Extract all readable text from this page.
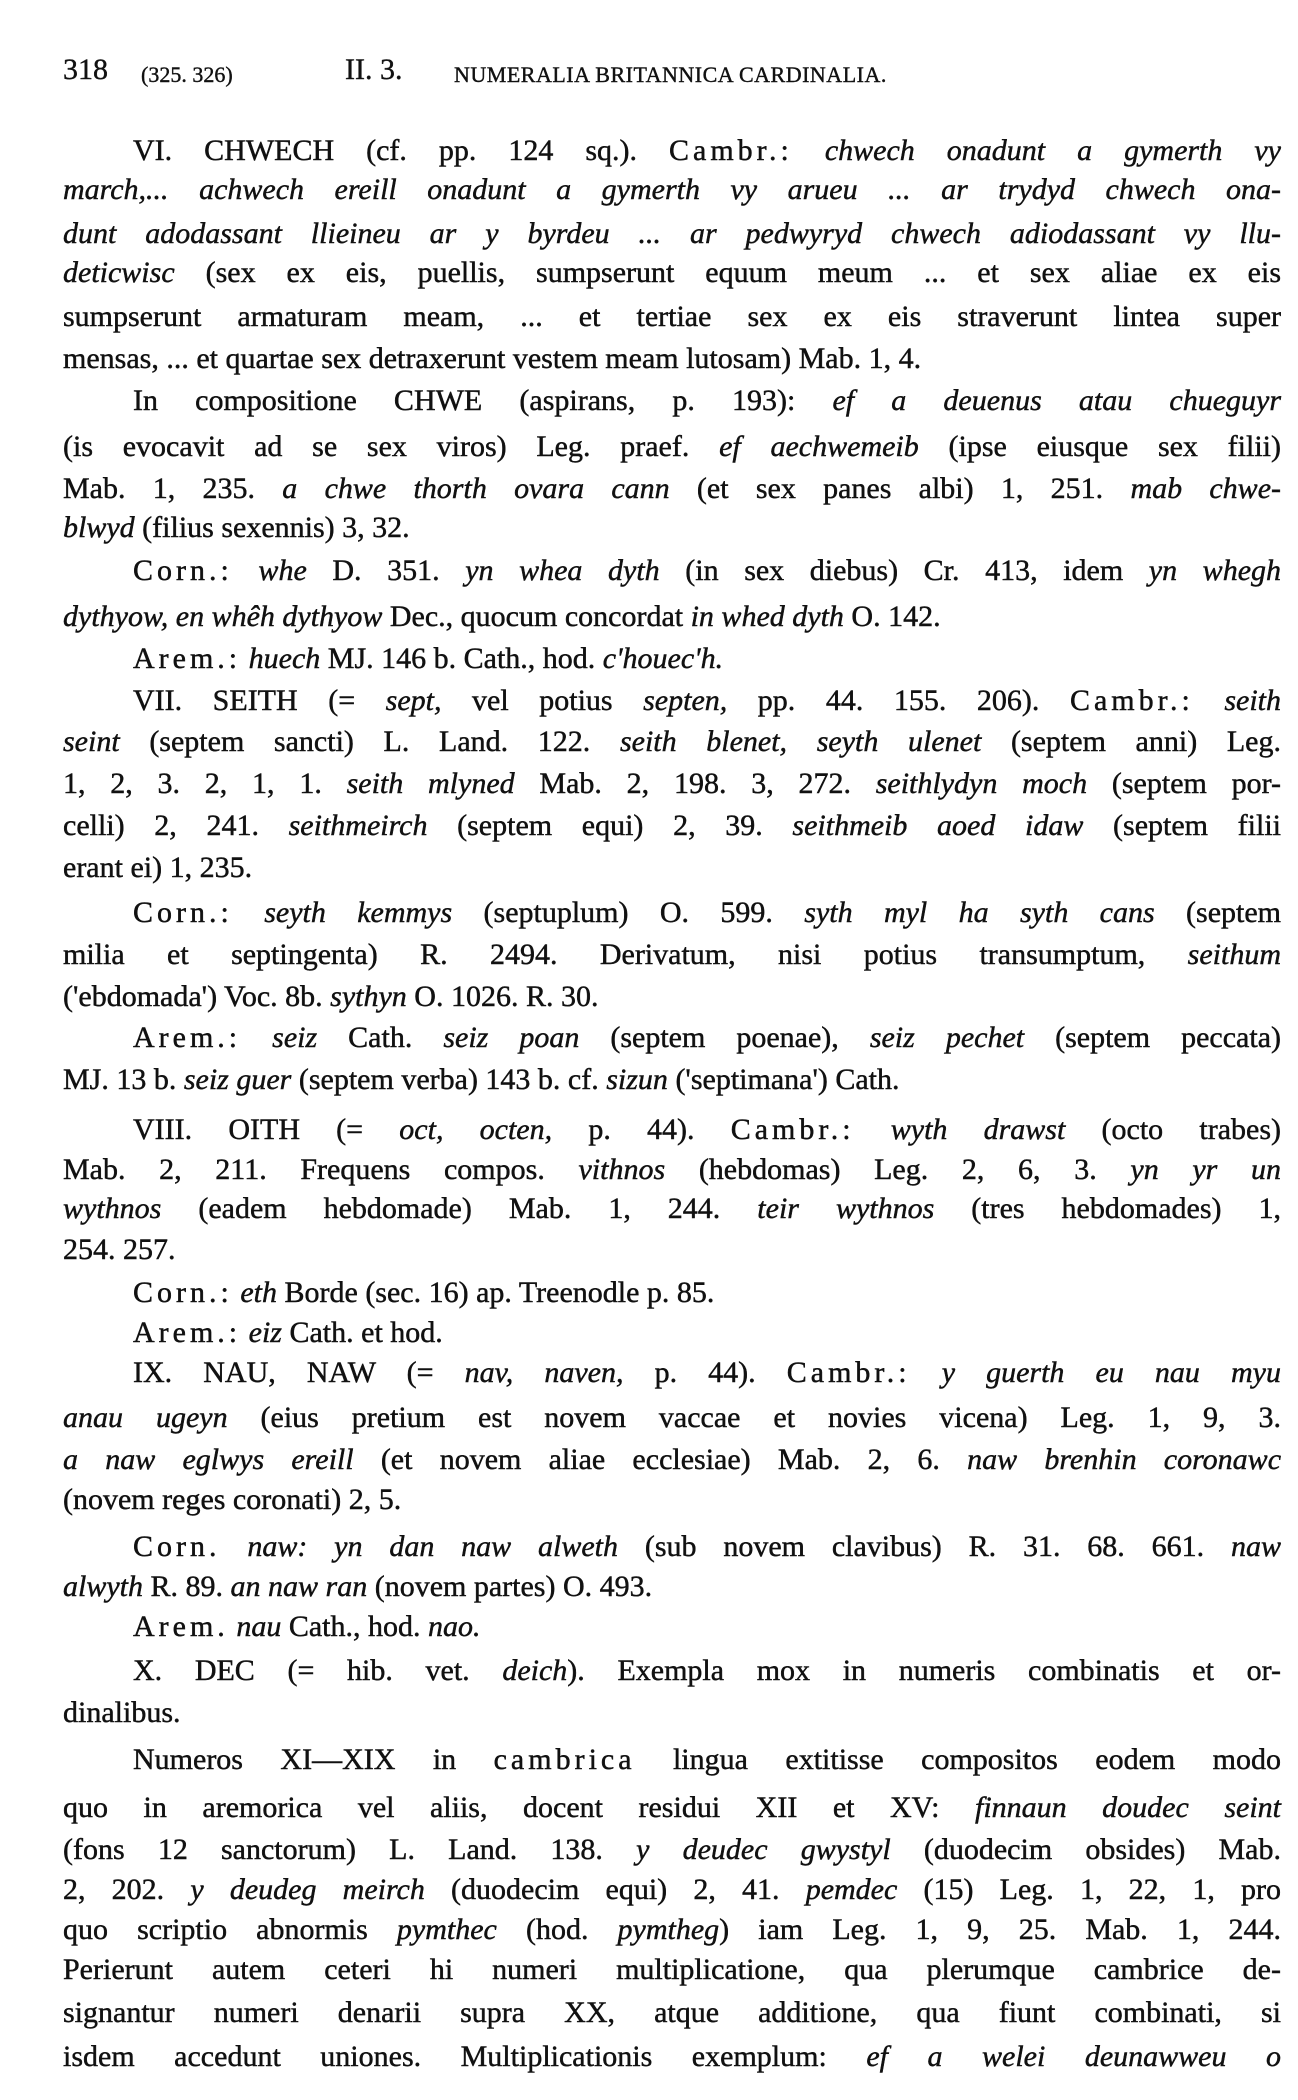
318 (325. 326)	II. 3. NUMERALIA BRITANNICA CARDINALIA.
VI. CHWECH (cf. pp. 124 sq.). Cambr.: chwech onadunt a gymerth vy
march,... achwech ereill onadunt a gymerth vy arueu ... ar trydyd chwech ona-
dunt adodassant llieineu ar y byrdeu ... ar pedwyryd chwech adiodassant vy llu-
deticwisc (sex ex eis, puellis, sumpserunt equum meum ... et sex aliae ex eis
sumpserunt armaturam meam, ... et tertiae sex ex eis straverunt lintea super
mensas, ... et quartae sex detraxerunt vestem meam lutosam) Mab. 1, 4.
In compositione CHWE (aspirans, p. 193): ef a deuenus atau chueguyr
(is evocavit ad se sex viros) Leg. praef. ef aechwemeib (ipse eiusque sex filii)
Mab. 1, 235. a chwe thorth ovara cann (et sex panes albi) 1, 251. mab chwe-
blwyd (filius sexennis) 3, 32.
Corn.: whe D. 351. yn whea dyth (in sex diebus) Cr. 413, idem yn whegh
dythyow, en whêh dythyow Dec., quocum concordat in whed dyth O. 142.
Arem.: huech MJ. 146 b. Cath., hod. c'houec'h.
VII. SEITH (= sept, vel potius septen, pp. 44. 155. 206). Cambr.: seith
seint (septem sancti) L. Land. 122. seith blenet, seyth ulenet (septem anni) Leg.
1, 2, 3. 2, 1, 1. seith mlyned Mab. 2, 198. 3, 272. seithlydyn moch (septem por-
celli) 2, 241. seithmeirch (septem equi) 2, 39. seithmeib aoed idaw (septem filii
erant ei) 1, 235.
Corn.: seyth kemmys (septuplum) O. 599. syth myl ha syth cans (septem
milia et septingenta) R. 2494. Derivatum, nisi potius transumptum, seithum
('ebdomada') Voc. 8b. sythyn O. 1026. R. 30.
Arem.: seiz Cath. seiz poan (septem poenae), seiz pechet (septem peccata)
MJ. 13 b. seiz guer (septem verba) 143 b. cf. sizun ('septimana') Cath.
VIII. OITH (= oct, octen, p. 44). Cambr.: wyth drawst (octo trabes)
Mab. 2, 211. Frequens compos. vithnos (hebdomas) Leg. 2, 6, 3. yn yr un
wythnos (eadem hebdomade) Mab. 1, 244. teir wythnos (tres hebdomades) 1,
254. 257.
Corn.: eth Borde (sec. 16) ap. Treenodle p. 85.
Arem.: eiz Cath. et hod.
IX. NAU, NAW (= nav, naven, p. 44). Cambr.: y guerth eu nau myu
anau ugeyn (eius pretium est novem vaccae et novies vicena) Leg. 1, 9, 3.
a naw eglwys ereill (et novem aliae ecclesiae) Mab. 2, 6. naw brenhin coronawc
(novem reges coronati) 2, 5.
Corn. naw: yn dan naw alweth (sub novem clavibus) R. 31. 68. 661. naw
alwyth R. 89. an naw ran (novem partes) O. 493.
Arem. nau Cath., hod. nao.
X. DEC (= hib. vet. deich). Exempla mox in numeris combinatis et or-
dinalibus.
Numeros XI—XIX in cambrica lingua extitisse compositos eodem modo
quo in aremorica vel aliis, docent residui XII et XV: finnaun doudec seint
(fons 12 sanctorum) L. Land. 138. y deudec gwystyl (duodecim obsides) Mab.
2, 202. y deudeg meirch (duodecim equi) 2, 41. pemdec (15) Leg. 1, 22, 1, pro
quo scriptio abnormis pymthec (hod. pymtheg) iam Leg. 1, 9, 25. Mab. 1, 244.
Perierunt autem ceteri hi numeri multiplicatione, qua plerumque cambrice de-
signantur numeri denarii supra XX, atque additione, qua fiunt combinati, si
isdem accedunt uniones. Multiplicationis exemplum: ef a welei deunawweu o
